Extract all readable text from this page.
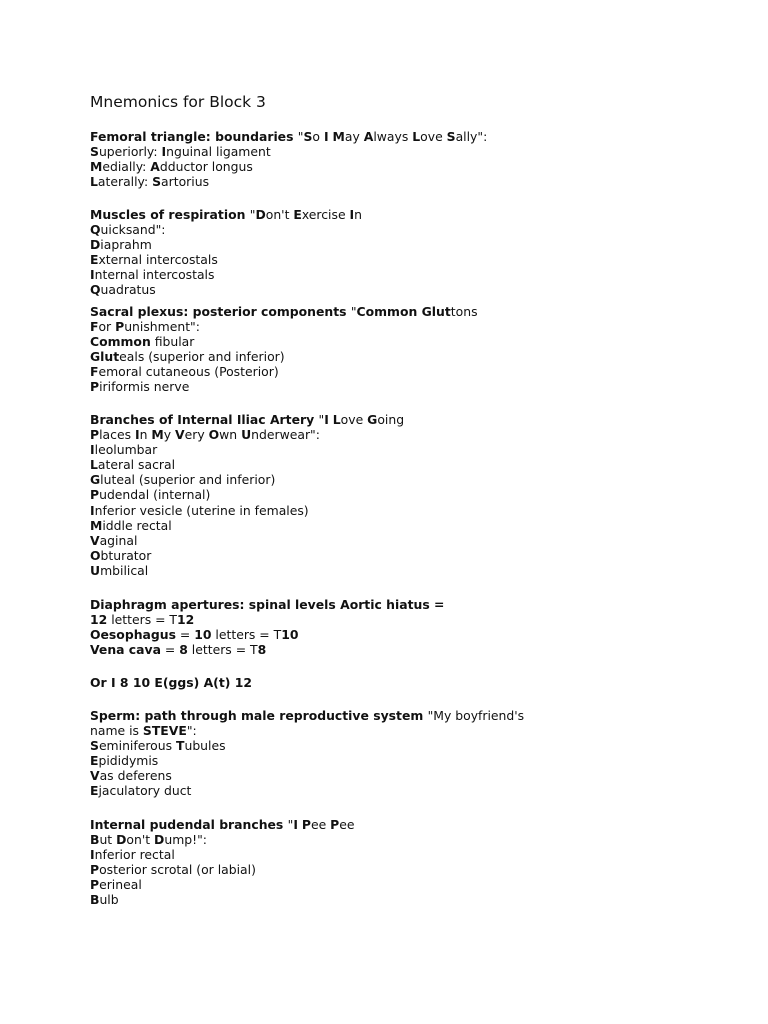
Mnemonics for Block 3
Femoral triangle: boundaries "So I May Always Love Sally":
Superiorly: Inguinal ligament
Medially: Adductor longus
Laterally: Sartorius
Muscles of respiration "Don't Exercise In
Quicksand":
Diaprahm
External intercostals
Internal intercostals
Quadratus
Sacral plexus: posterior components "Common Gluttons
For Punishment":
Common fibular
Gluteals (superior and inferior)
Femoral cutaneous (Posterior)
Piriformis nerve
Branches of Internal Iliac Artery "I Love Going
Places In My Very Own Underwear":
Ileolumbar
Lateral sacral
Gluteal (superior and inferior)
Pudendal (internal)
Inferior vesicle (uterine in females)
Middle rectal
Vaginal
Obturator
Umbilical
Diaphragm apertures: spinal levels Aortic hiatus =
12 letters = T12
Oesophagus = 10 letters = T10
Vena cava = 8 letters = T8
Or I 8 10 E(ggs) A(t) 12
Sperm: path through male reproductive system "My boyfriend's
name is STEVE":
Seminiferous Tubules
Epididymis
Vas deferens
Ejaculatory duct
Internal pudendal branches "I Pee Pee
But Don't Dump!":
Inferior rectal
Posterior scrotal (or labial)
Perineal
Bulb
